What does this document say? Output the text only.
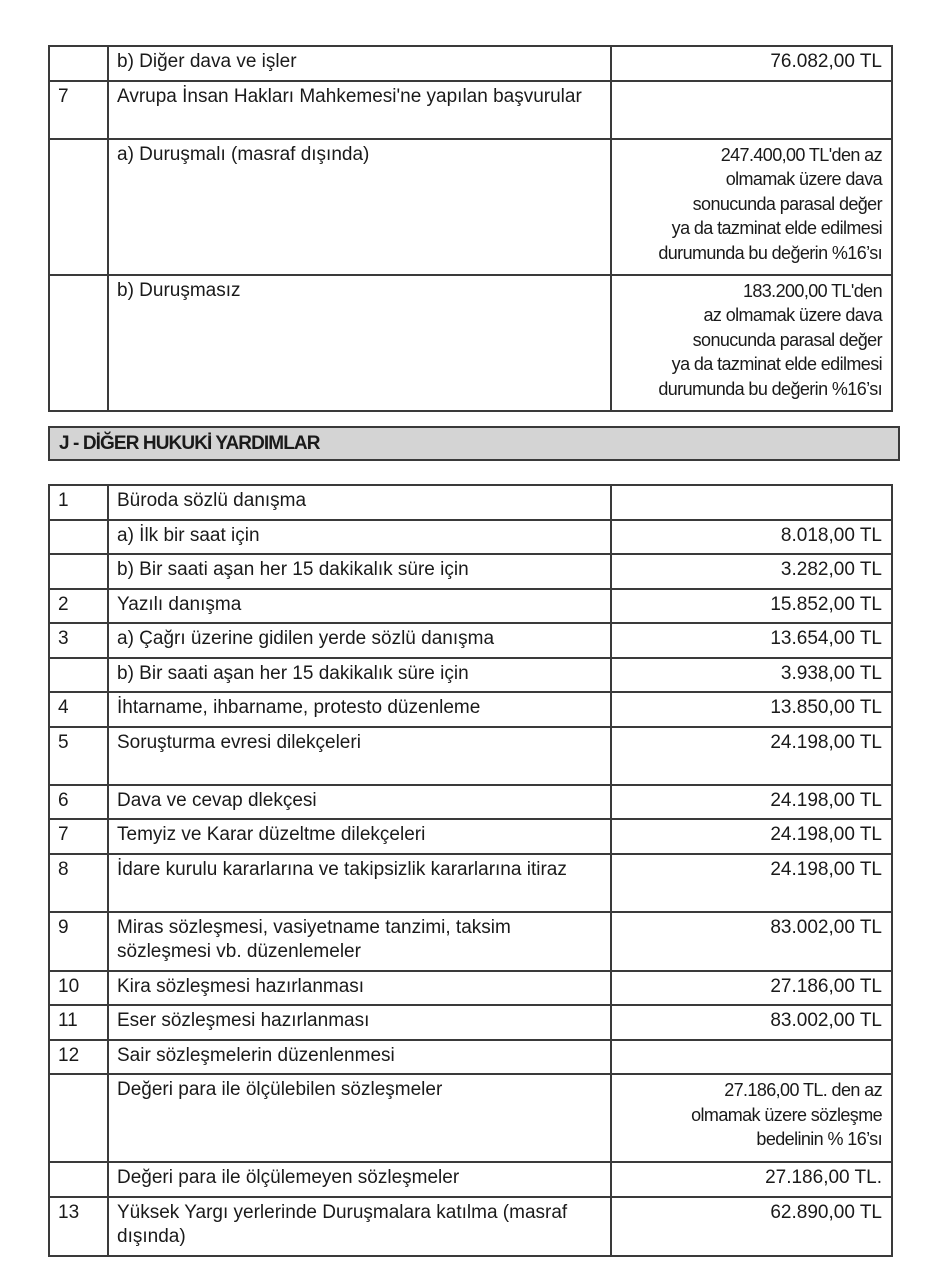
	b) Diğer dava ve işler	76.082,00 TL

7	Avrupa İnsan Hakları Mahkemesi'ne yapılan başvurular	
	a) Duruşmalı (masraf dışında)	247.400,00 TL'den az
olmamak üzere dava
sonucunda parasal değer
ya da tazminat elde edilmesi
durumunda bu değerin %16’sı

	b) Duruşmasız	183.200,00 TL'den
az olmamak üzere dava
sonucunda parasal değer
ya da tazminat elde edilmesi
durumunda bu değerin %16’sı
J - DİĞER HUKUKİ YARDIMLAR
1	Büroda sözlü danışma	
	a) İlk bir saat için	8.018,00 TL

	b) Bir saati aşan her 15 dakikalık süre için	3.282,00 TL

2	Yazılı danışma	15.852,00 TL

3	a) Çağrı üzerine gidilen yerde sözlü danışma	13.654,00 TL

	b) Bir saati aşan her 15 dakikalık süre için	3.938,00 TL

4	İhtarname, ihbarname, protesto düzenleme	13.850,00 TL

5	Soruşturma evresi dilekçeleri	24.198,00 TL

6	Dava ve cevap dlekçesi	24.198,00 TL

7	Temyiz ve Karar düzeltme dilekçeleri	24.198,00 TL

8	İdare kurulu kararlarına ve takipsizlik kararlarına itiraz	24.198,00 TL

9	Miras sözleşmesi, vasiyetname tanzimi, taksim sözleşmesi vb. düzenlemeler	83.002,00 TL

10	Kira sözleşmesi hazırlanması	27.186,00 TL

11	Eser sözleşmesi hazırlanması	83.002,00 TL

12	Sair sözleşmelerin düzenlenmesi	
	Değeri para ile ölçülebilen sözleşmeler	27.186,00 TL. den az
olmamak üzere sözleşme
bedelinin % 16’sı

	Değeri para ile ölçülemeyen sözleşmeler	27.186,00 TL.

13	Yüksek Yargı yerlerinde Duruşmalara katılma (masraf dışında)	62.890,00 TL
